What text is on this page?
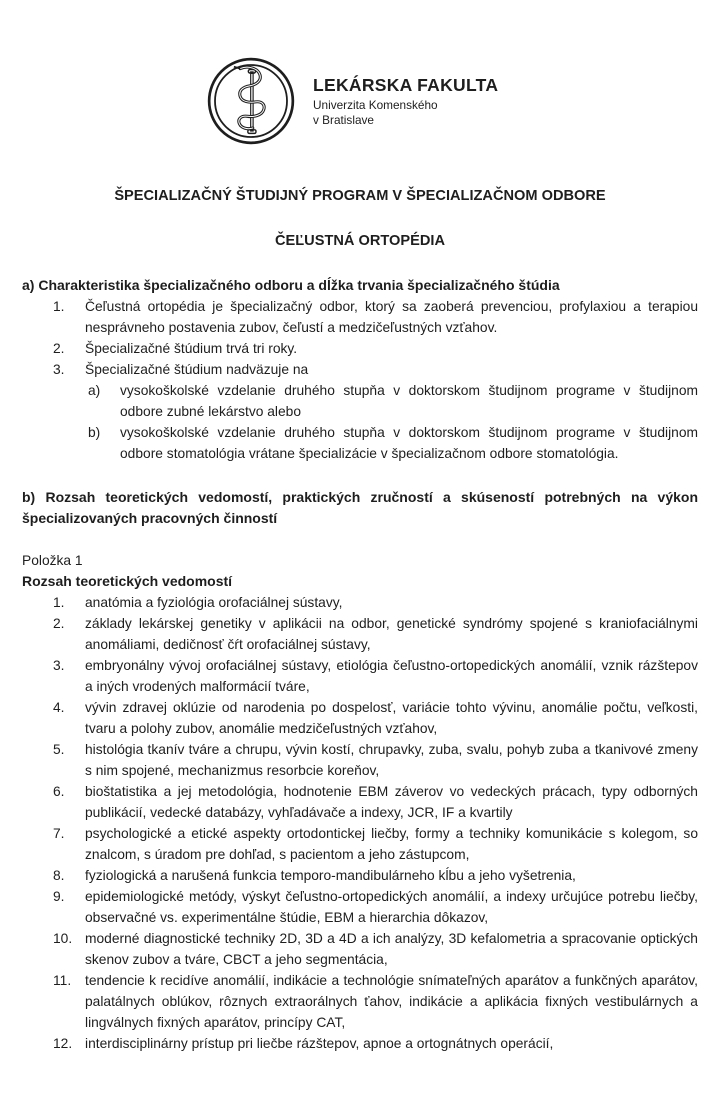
LEKÁRSKA FAKULTA
Univerzita Komenského
v Bratislave
ŠPECIALIZAČNÝ ŠTUDIJNÝ PROGRAM V ŠPECIALIZAČNOM ODBORE
ČEĽUSTNÁ ORTOPÉDIA
a) Charakteristika špecializačného odboru a dĺžka trvania špecializačného štúdia
1.	Čeľustná ortopédia je špecializačný odbor, ktorý sa zaoberá prevenciou, profylaxiou a terapiou nesprávneho postavenia zubov, čeľustí a medzičeľustných vzťahov.
2.	Špecializačné štúdium trvá tri roky.
3.	Špecializačné štúdium nadväzuje na
a)	vysokoškolské vzdelanie druhého stupňa v doktorskom študijnom programe v študijnom odbore zubné lekárstvo alebo
b)	vysokoškolské vzdelanie druhého stupňa v doktorskom študijnom programe v študijnom odbore stomatológia vrátane špecializácie v špecializačnom odbore stomatológia.
b) Rozsah teoretických vedomostí, praktických zručností a skúseností potrebných na výkon špecializovaných pracovných činností
Položka 1
Rozsah teoretických vedomostí
1.	anatómia a fyziológia orofaciálnej sústavy,
2.	základy lekárskej genetiky v aplikácii na odbor, genetické syndrómy spojené s kraniofaciálnymi anomáliami, dedičnosť čŕt orofaciálnej sústavy,
3.	embryonálny vývoj orofaciálnej sústavy, etiológia čeľustno-ortopedických anomálií, vznik rázštepov a iných vrodených malformácií tváre,
4.	vývin zdravej oklúzie od narodenia po dospelosť, variácie tohto vývinu, anomálie počtu, veľkosti, tvaru a polohy zubov, anomálie medzičeľustných vzťahov,
5.	histológia tkanív tváre a chrupu, vývin kostí, chrupavky, zuba, svalu, pohyb zuba a tkanivové zmeny s nim spojené, mechanizmus resorbcie koreňov,
6.	bioštatistika a jej metodológia, hodnotenie EBM záverov vo vedeckých prácach, typy odborných publikácií, vedecké databázy, vyhľadávače a indexy, JCR, IF a kvartily
7.	psychologické a etické aspekty ortodontickej liečby, formy a techniky komunikácie s kolegom, so znalcom, s úradom pre dohľad, s pacientom a jeho zástupcom,
8.	fyziologická a narušená funkcia temporo-mandibulárneho kĺbu a jeho vyšetrenia,
9.	epidemiologické metódy, výskyt čeľustno-ortopedických anomálií, a indexy určujúce potrebu liečby, observačné vs. experimentálne štúdie, EBM a hierarchia dôkazov,
10. moderné diagnostické techniky 2D, 3D a 4D a ich analýzy, 3D kefalometria a spracovanie optických skenov zubov a tváre, CBCT a jeho segmentácia,
11.	tendencie k recidíve anomálií, indikácie a technológie snímateľných aparátov a funkčných aparátov, palatálnych oblúkov, rôznych extraorálnych ťahov, indikácie a aplikácia fixných vestibulárnych a lingválnych fixných aparátov, princípy CAT,
12. interdisciplinárny prístup pri liečbe rázštepov, apnoe a ortognátnych operácií,
